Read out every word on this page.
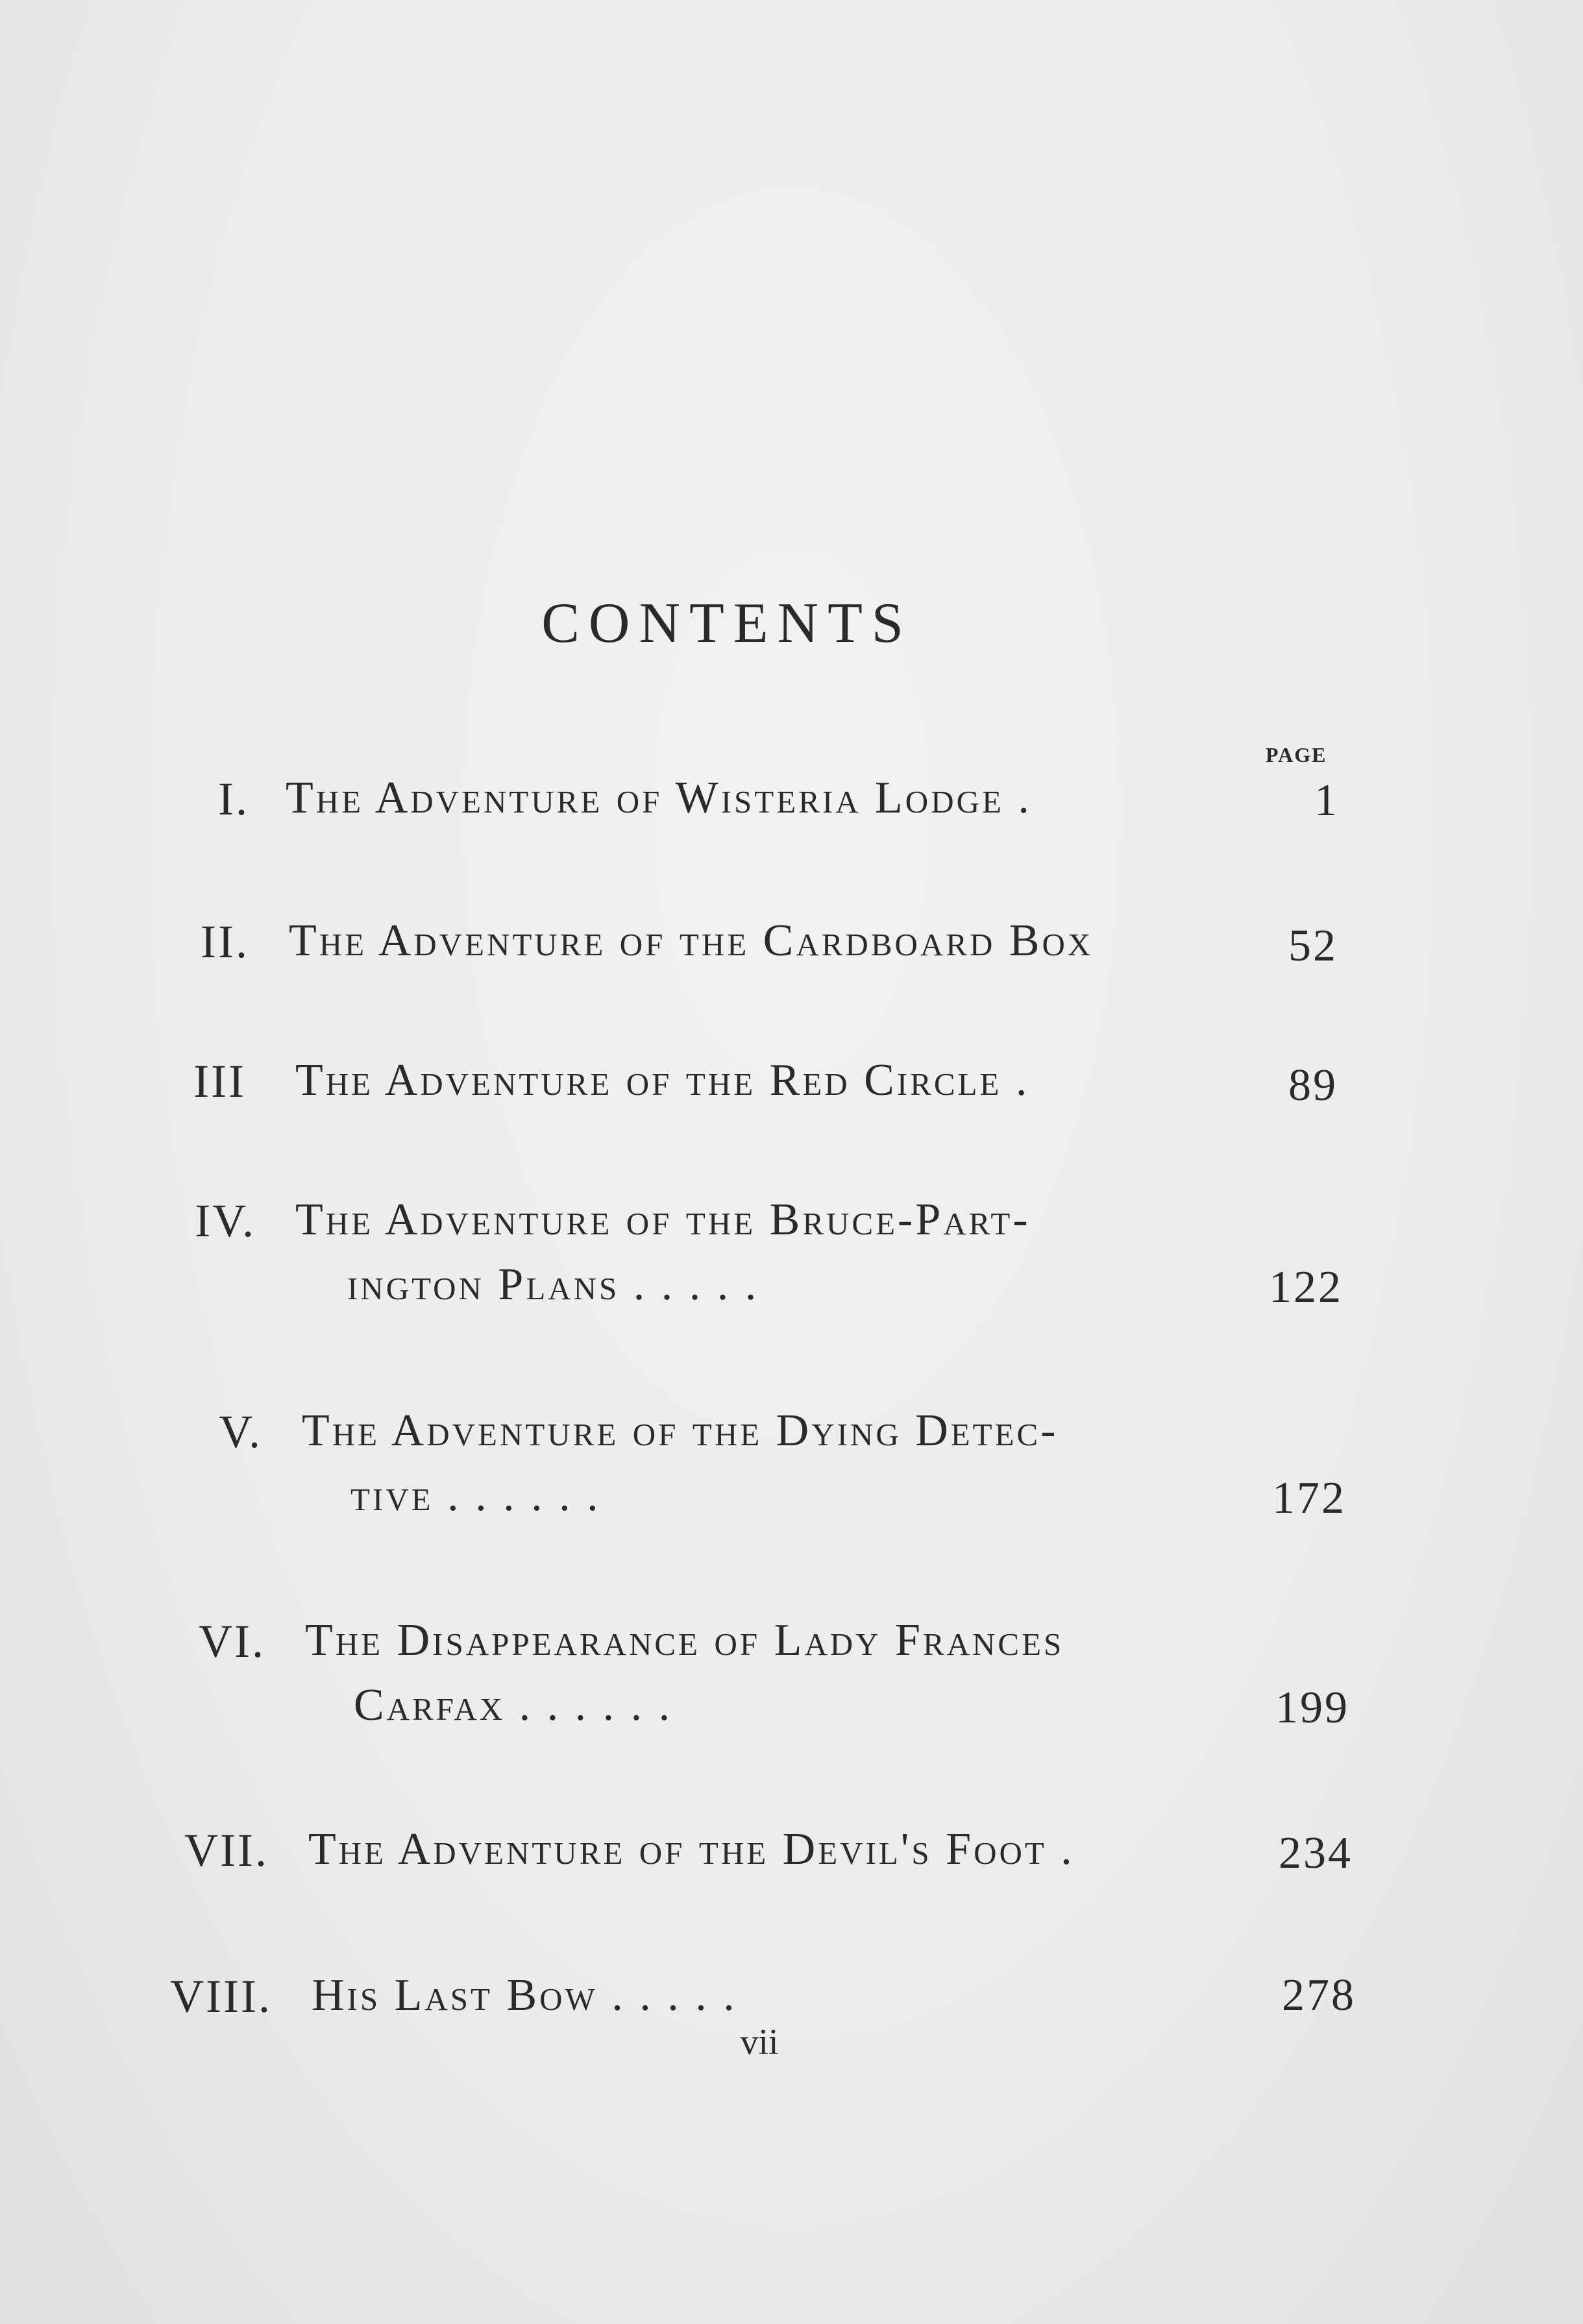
CONTENTS
PAGE
I. The Adventure of Wisteria Lodge .	1
II. The Adventure of the Cardboard Box	52
III The Adventure of the Red Circle .	89
IV. The Adventure of the Bruce-Part-
ington Plans . . . . .	122
V. The Adventure of the Dying Detec-
tive . . . . . .	172
VI. The Disappearance of Lady Frances
Carfax . . . . . .	199
VII. The Adventure of the Devil's Foot .	234
VIII. His Last Bow . . . . .	278
vii
